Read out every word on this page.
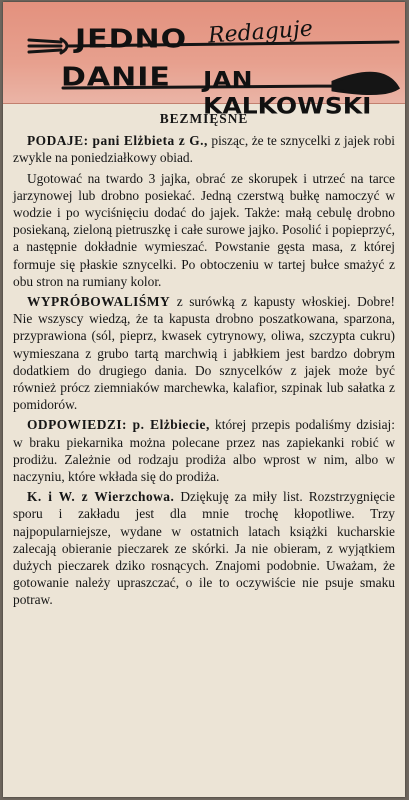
JEDNO Redaguje
DANIE JAN KALKOWSKI
BEZMIĘSNE

PODAJE: pani Elżbieta z G., pisząc, że te sznycelki z jajek robi zwykle na poniedziałkowy obiad.

Ugotować na twardo 3 jajka, obrać ze skorupek i utrzeć na tarce jarzynowej lub drobno posiekać. Jedną czerstwą bułkę namoczyć w wodzie i po wyciśnięciu dodać do jajek. Także: małą cebulę drobno posiekaną, zieloną pietruszkę i całe surowe jajko. Posolić i popieprzyć, a następnie dokładnie wymieszać. Powstanie gęsta masa, z której formuje się płaskie sznycelki. Po obtoczeniu w tartej bułce smażyć z obu stron na rumiany kolor.

WYPRÓBOWALIŚMY z surówką z kapusty włoskiej. Dobre! Nie wszyscy wiedzą, że ta kapusta drobno poszatkowana, sparzona, przyprawiona (sól, pieprz, kwasek cytrynowy, oliwa, szczypta cukru) wymieszana z grubo tartą marchwią i jabłkiem jest bardzo dobrym dodatkiem do drugiego dania. Do sznycelków z jajek może być również prócz ziemniaków marchewka, kalafior, szpinak lub sałatka z pomidorów.

ODPOWIEDZI: p. Elżbiecie, której przepis podaliśmy dzisiaj: w braku piekarnika można polecane przez nas zapiekanki robić w prodiżu. Zależnie od rodzaju prodiża albo wprost w nim, albo w naczyniu, które wkłada się do prodiża.

K. i W. z Wierzchowa. Dziękuję za miły list. Rozstrzygnięcie sporu i zakładu jest dla mnie trochę kłopotliwe. Trzy najpopularniejsze, wydane w ostatnich latach książki kucharskie zalecają obieranie pieczarek ze skórki. Ja nie obieram, z wyjątkiem dużych pieczarek dziko rosnących. Znajomi podobnie. Uważam, że gotowanie należy upraszczać, o ile to oczywiście nie psuje smaku potraw.
